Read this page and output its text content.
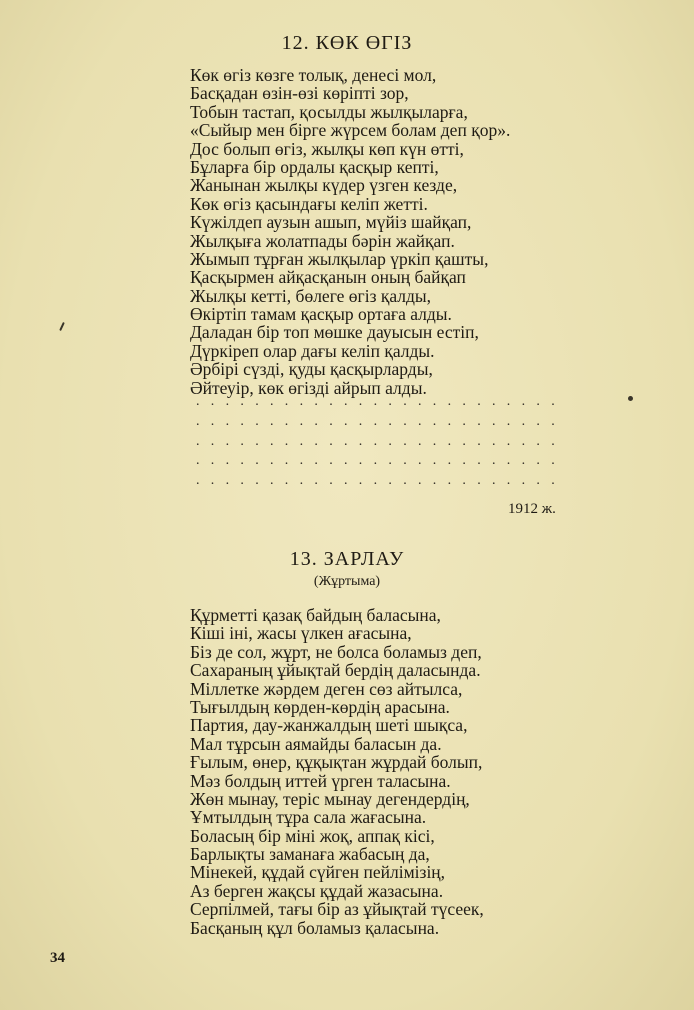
12. КӨК ӨГІЗ
Көк өгіз көзге толық, денесі мол,
Басқадан өзін-өзі көріпті зор,
Тобын тастап, қосылды жылқыларға,
«Сыйыр мен бірге жүрсем болам деп қор».
Дос болып өгіз, жылқы көп күн өтті,
Бұларға бір ордалы қасқыр кепті,
Жанынан жылқы күдер үзген кезде,
Көк өгіз қасындағы келіп жетті.
Күжілдеп аузын ашып, мүйіз шайқап,
Жылқыға жолатпады бәрін жайқап.
Жымып тұрған жылқылар үркіп қашты,
Қасқырмен айқасқанын оның байқап
Жылқы кетті, бөлеге өгіз қалды,
Өкіртіп тамам қасқыр ортаға алды.
Даладан бір топ мөшке дауысын естіп,
Дүркіреп олар дағы келіп қалды.
Әрбірі сүзді, қуды қасқырларды,
Әйтеуір, көк өгізді айрып алды.
. . . . . . . . . . . . . . . . . . . . . . . . .
. . . . . . . . . . . . . . . . . . . . . . . . .
. . . . . . . . . . . . . . . . . . . . . . . . .
. . . . . . . . . . . . . . . . . . . . . . . . .
. . . . . . . . . . . . . . . . . . . . . . . . .
1912 ж.
13. ЗАРЛАУ
(Жұртыма)
Құрметті қазақ байдың баласына,
Кіші іні, жасы үлкен ағасына,
Біз де сол, жұрт, не болса боламыз деп,
Сахараның ұйықтай бердің даласында.
Міллетке жәрдем деген сөз айтылса,
Тығылдың көрден-көрдің арасына.
Партия, дау-жанжалдың шеті шықса,
Мал тұрсын аямайды баласын да.
Ғылым, өнер, құқықтан жұрдай болып,
Мәз болдың иттей үрген таласына.
Жөн мынау, теріс мынау дегендердің,
Ұмтылдың тұра сала жағасына.
Боласың бір міні жоқ, аппақ кісі,
Барлықты заманаға жабасың да,
Мінекей, құдай сүйген пейлімізің,
Аз берген жақсы құдай жазасына.
Серпілмей, тағы бір аз ұйықтай түсеек,
Басқаның құл боламыз қаласына.
34
